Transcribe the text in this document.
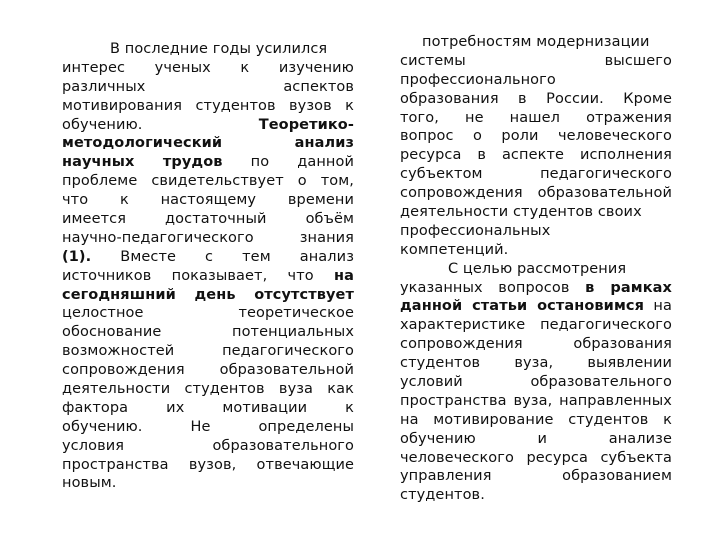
В последние годы усилился
интерес ученых к изучению
различных аспектов
мотивирования студентов вузов к
обучению.	Теоретико-
методологический анализ
научных трудов по данной
проблеме свидетельствует о том,
что к настоящему времени
имеется достаточный объём
научно-педагогического знания
(1). Вместе с тем анализ
источников показывает, что на
сегодняшний день отсутствует
целостное теоретическое
обоснование потенциальных
возможностей педагогического
сопровождения образовательной
деятельности студентов вуза как
фактора их мотивации к
обучению. Не определены
условия образовательного
пространства вузов, отвечающие
новым.
потребностям модернизации
системы высшего
профессионального
образования в России. Кроме
того, не нашел отражения
вопрос о роли человеческого
ресурса в аспекте исполнения
субъектом педагогического
сопровождения образовательной
деятельности студентов своих
профессиональных
компетенций.
С целью рассмотрения
указанных вопросов в рамках
данной статьи остановимся на
характеристике педагогического
сопровождения образования
студентов вуза, выявлении
условий образовательного
пространства вуза, направленных
на мотивирование студентов к
обучению и анализе
человеческого ресурса субъекта
управления образованием
студентов.
